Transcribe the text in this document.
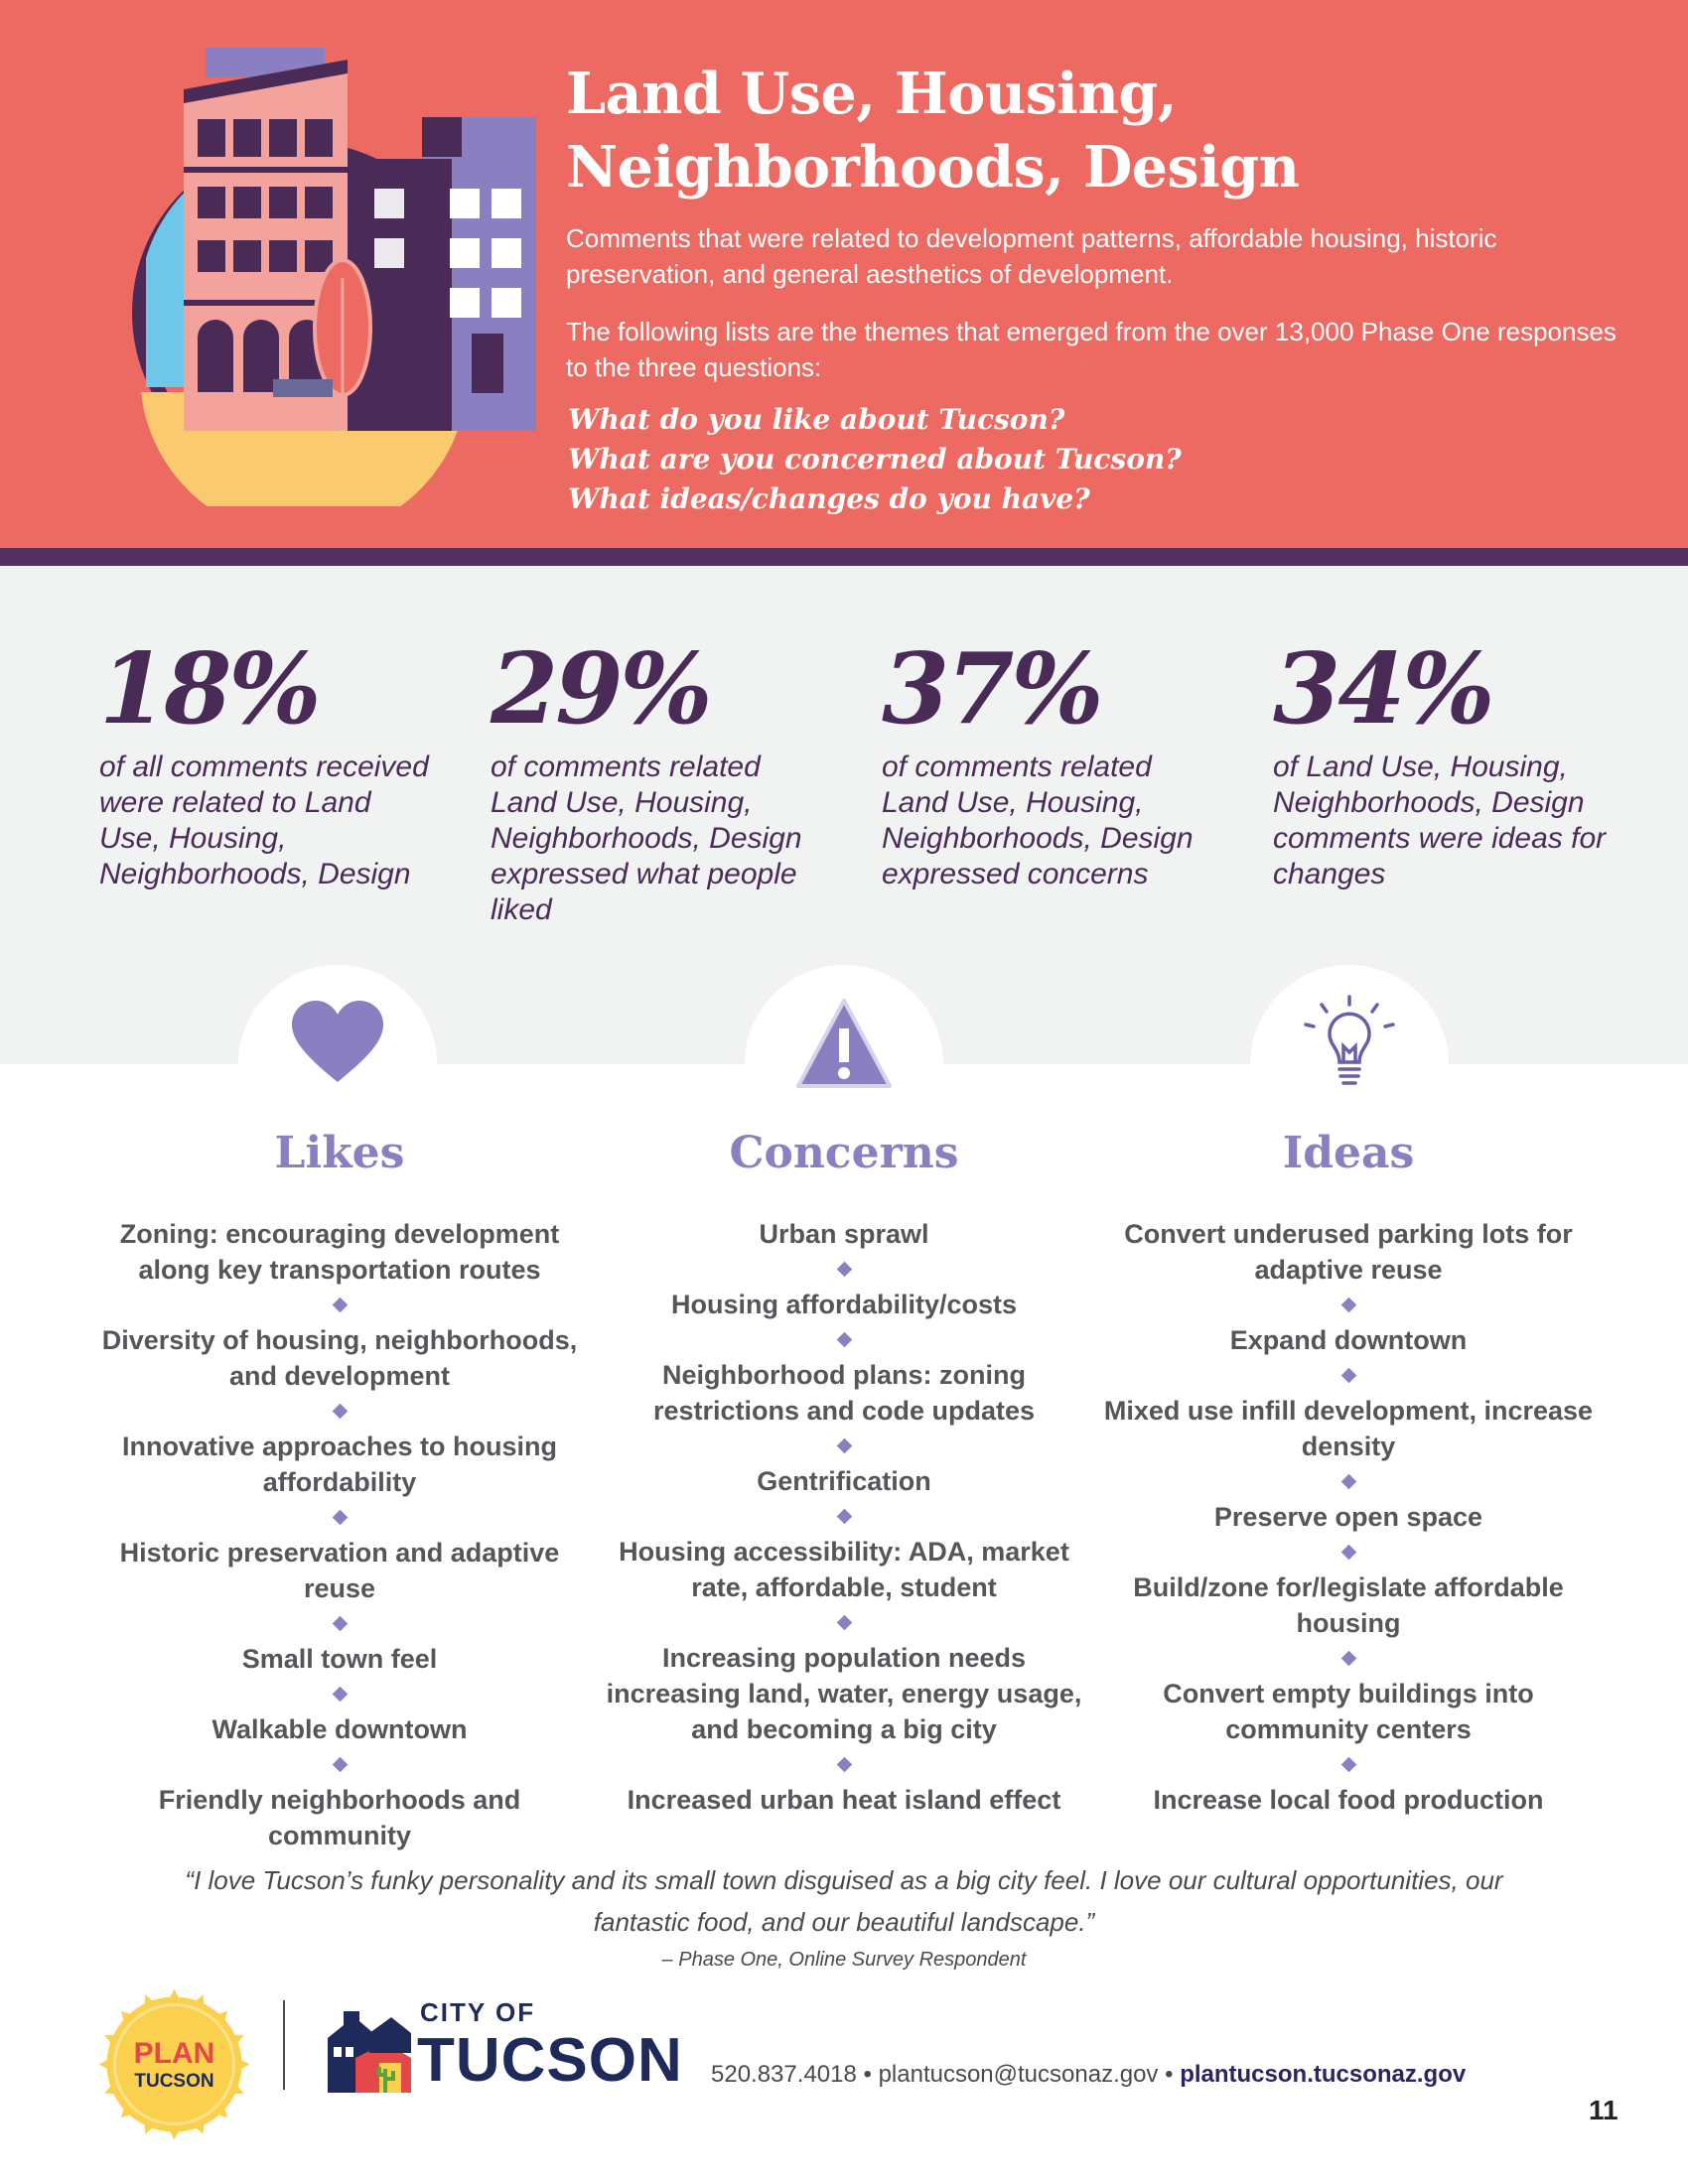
Land Use, Housing, Neighborhoods, Design

Comments that were related to development patterns, affordable housing, historic preservation, and general aesthetics of development.

The following lists are the themes that emerged from the over 13,000 Phase One responses to the three questions:

What do you like about Tucson?
What are you concerned about Tucson?
What ideas/changes do you have?
18%
of all comments received were related to Land Use, Housing, Neighborhoods, Design
29%
of comments related Land Use, Housing, Neighborhoods, Design expressed what people liked
37%
of comments related Land Use, Housing, Neighborhoods, Design expressed concerns
34%
of Land Use, Housing, Neighborhoods, Design comments were ideas for changes
Likes	Concerns	Ideas
Zoning: encouraging development along key transportation routes
Diversity of housing, neighborhoods, and development
Innovative approaches to housing affordability
Historic preservation and adaptive reuse
Small town feel
Walkable downtown
Friendly neighborhoods and community
Urban sprawl
Housing affordability/costs
Neighborhood plans: zoning restrictions and code updates
Gentrification
Housing accessibility: ADA, market rate, affordable, student
Increasing population needs increasing land, water, energy usage, and becoming a big city
Increased urban heat island effect
Convert underused parking lots for adaptive reuse
Expand downtown
Mixed use infill development, increase density
Preserve open space
Build/zone for/legislate affordable housing
Convert empty buildings into community centers
Increase local food production

“I love Tucson’s funky personality and its small town disguised as a big city feel. I love our cultural opportunities, our fantastic food, and our beautiful landscape.”

– Phase One, Online Survey Respondent

PLAN
TUCSON
CITY OF
TUCSON 520.837.4018 • plantucson@tucsonaz.gov • plantucson.tucsonaz.gov
11
